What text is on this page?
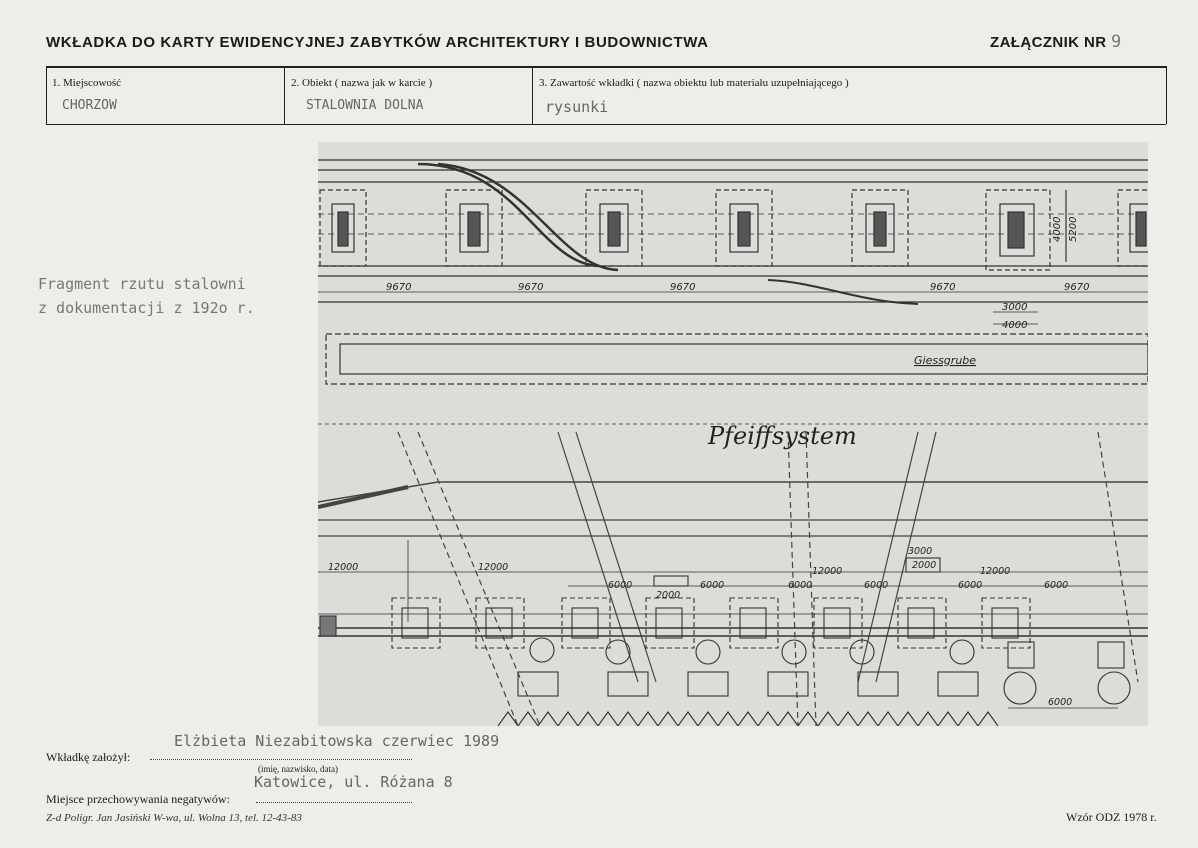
WKŁADKA DO KARTY EWIDENCYJNEJ ZABYTKÓW ARCHITEKTURY I BUDOWNICTWA	ZAŁĄCZNIK NR 9
1. Miejscowość
CHORZOW
2. Obiekt ( nazwa jak w karcie )
STALOWNIA DOLNA
3. Zawartość wkładki ( nazwa obiektu lub materiału uzupełniającego )
rysunki
Fragment rzutu stalowni
z dokumentacji z 192o r.
9670	9670	9670	9670	9670
3000
4000
4000 5200
Giessgrube
Pfeiffsystem
12000	12000	12000	12000
6000	6000	6000	6000	6000	6000
3000
2000
2000
6000
Elżbieta Niezabitowska czerwiec 1989
Wkładkę założył:
(imię, nazwisko, data)
Katowice, ul. Różana 8
Miejsce przechowywania negatywów:
Z-d Poligr. Jan Jasiński W-wa, ul. Wolna 13, tel. 12-43-83	Wzór ODZ 1978 r.
